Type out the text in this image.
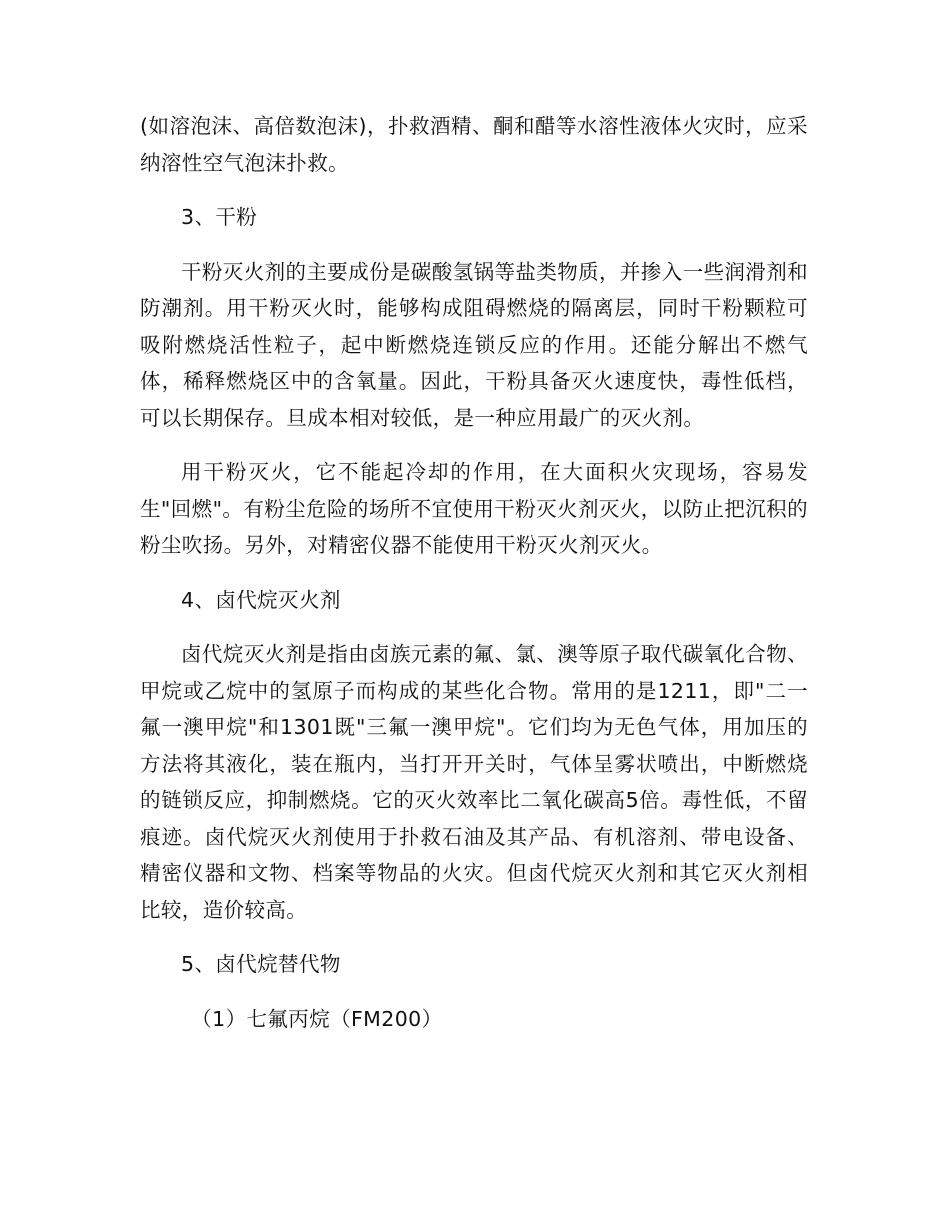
(如溶泡沫、高倍数泡沫)，扑救酒精、酮和醋等水溶性液体火灾时，应采纳溶性空气泡沫扑救。

3、干粉

干粉灭火剂的主要成份是碳酸氢锅等盐类物质，并掺入一些润滑剂和防潮剂。用干粉灭火时，能够构成阻碍燃烧的隔离层，同时干粉颗粒可吸附燃烧活性粒子，起中断燃烧连锁反应的作用。还能分解出不燃气体，稀释燃烧区中的含氧量。因此，干粉具备灭火速度快，毒性低档，可以长期保存。旦成本相对较低，是一种应用最广的灭火剂。

用干粉灭火，它不能起冷却的作用，在大面积火灾现场，容易发生"回燃"。有粉尘危险的场所不宜使用干粉灭火剂灭火，以防止把沉积的粉尘吹扬。另外，对精密仪器不能使用干粉灭火剂灭火。

4、卤代烷灭火剂

卤代烷灭火剂是指由卤族元素的氟、氯、澳等原子取代碳氧化合物、甲烷或乙烷中的氢原子而构成的某些化合物。常用的是1211，即"二一氟一澳甲烷"和1301既"三氟一澳甲烷"。它们均为无色气体，用加压的方法将其液化，装在瓶内，当打开开关时，气体呈雾状喷出，中断燃烧的链锁反应，抑制燃烧。它的灭火效率比二氧化碳高5倍。毒性低，不留痕迹。卤代烷灭火剂使用于扑救石油及其产品、有机溶剂、带电设备、精密仪器和文物、档案等物品的火灾。但卤代烷灭火剂和其它灭火剂相比较，造价较高。

5、卤代烷替代物

（1）七氟丙烷（FM200）
